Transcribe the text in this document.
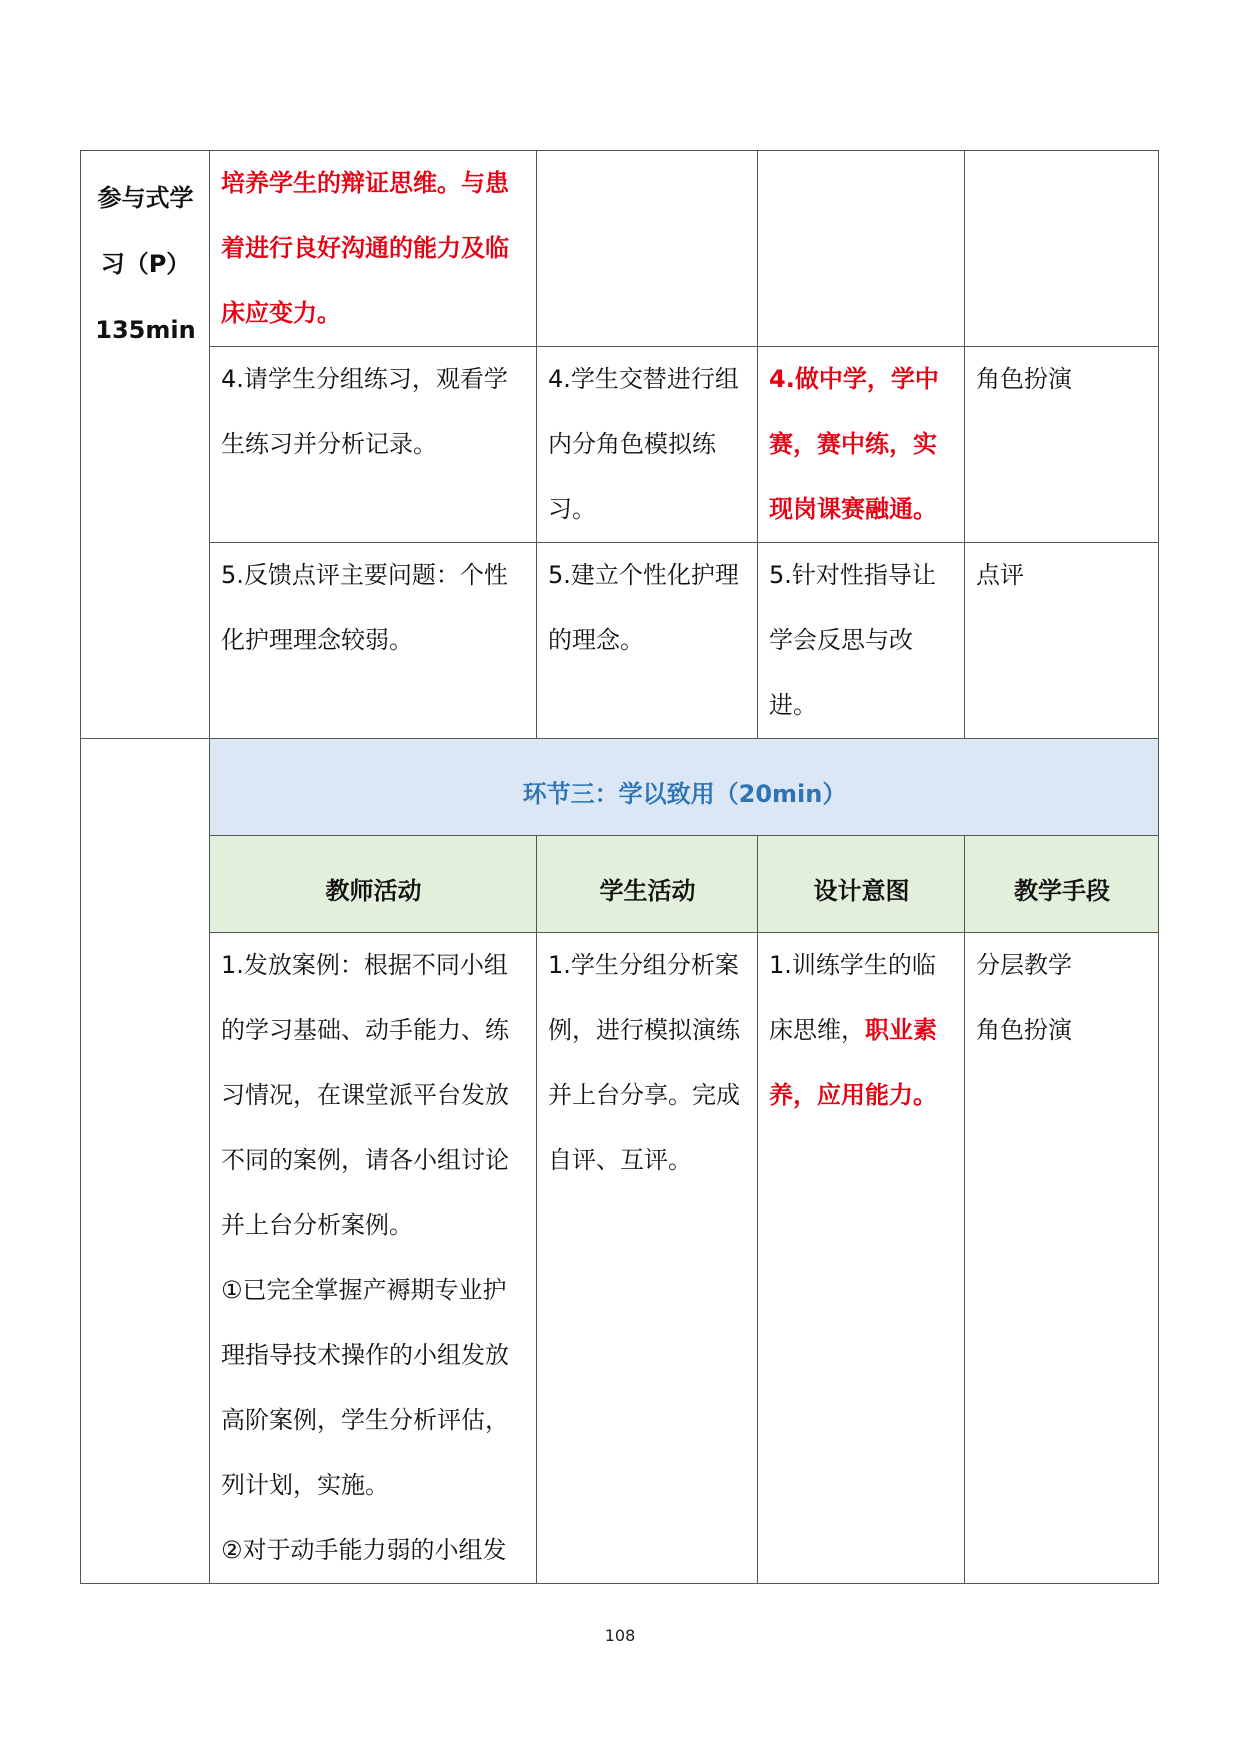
参与式学
习（P）
135min	培养学生的辩证思维。与患着进行良好沟通的能力及临床应变力。			

	4.请学生分组练习，观看学生练习并分析记录。	4.学生交替进行组内分角色模拟练习。	4.做中学，学中赛，赛中练，实现岗课赛融通。	角色扮演

	5.反馈点评主要问题：个性化护理理念较弱。	5.建立个性化护理的理念。	5.针对性指导让学会反思与改进。	点评

	环节三：学以致用（20min）			

	教师活动	学生活动	设计意图	教学手段

	1.发放案例：根据不同小组的学习基础、动手能力、练习情况，在课堂派平台发放不同的案例，请各小组讨论并上台分析案例。
①已完全掌握产褥期专业护理指导技术操作的小组发放高阶案例，学生分析评估，列计划，实施。
②对于动手能力弱的小组发	1.学生分组分析案例，进行模拟演练并上台分享。完成自评、互评。	1.训练学生的临床思维，职业素养，应用能力。	分层教学
角色扮演
108
